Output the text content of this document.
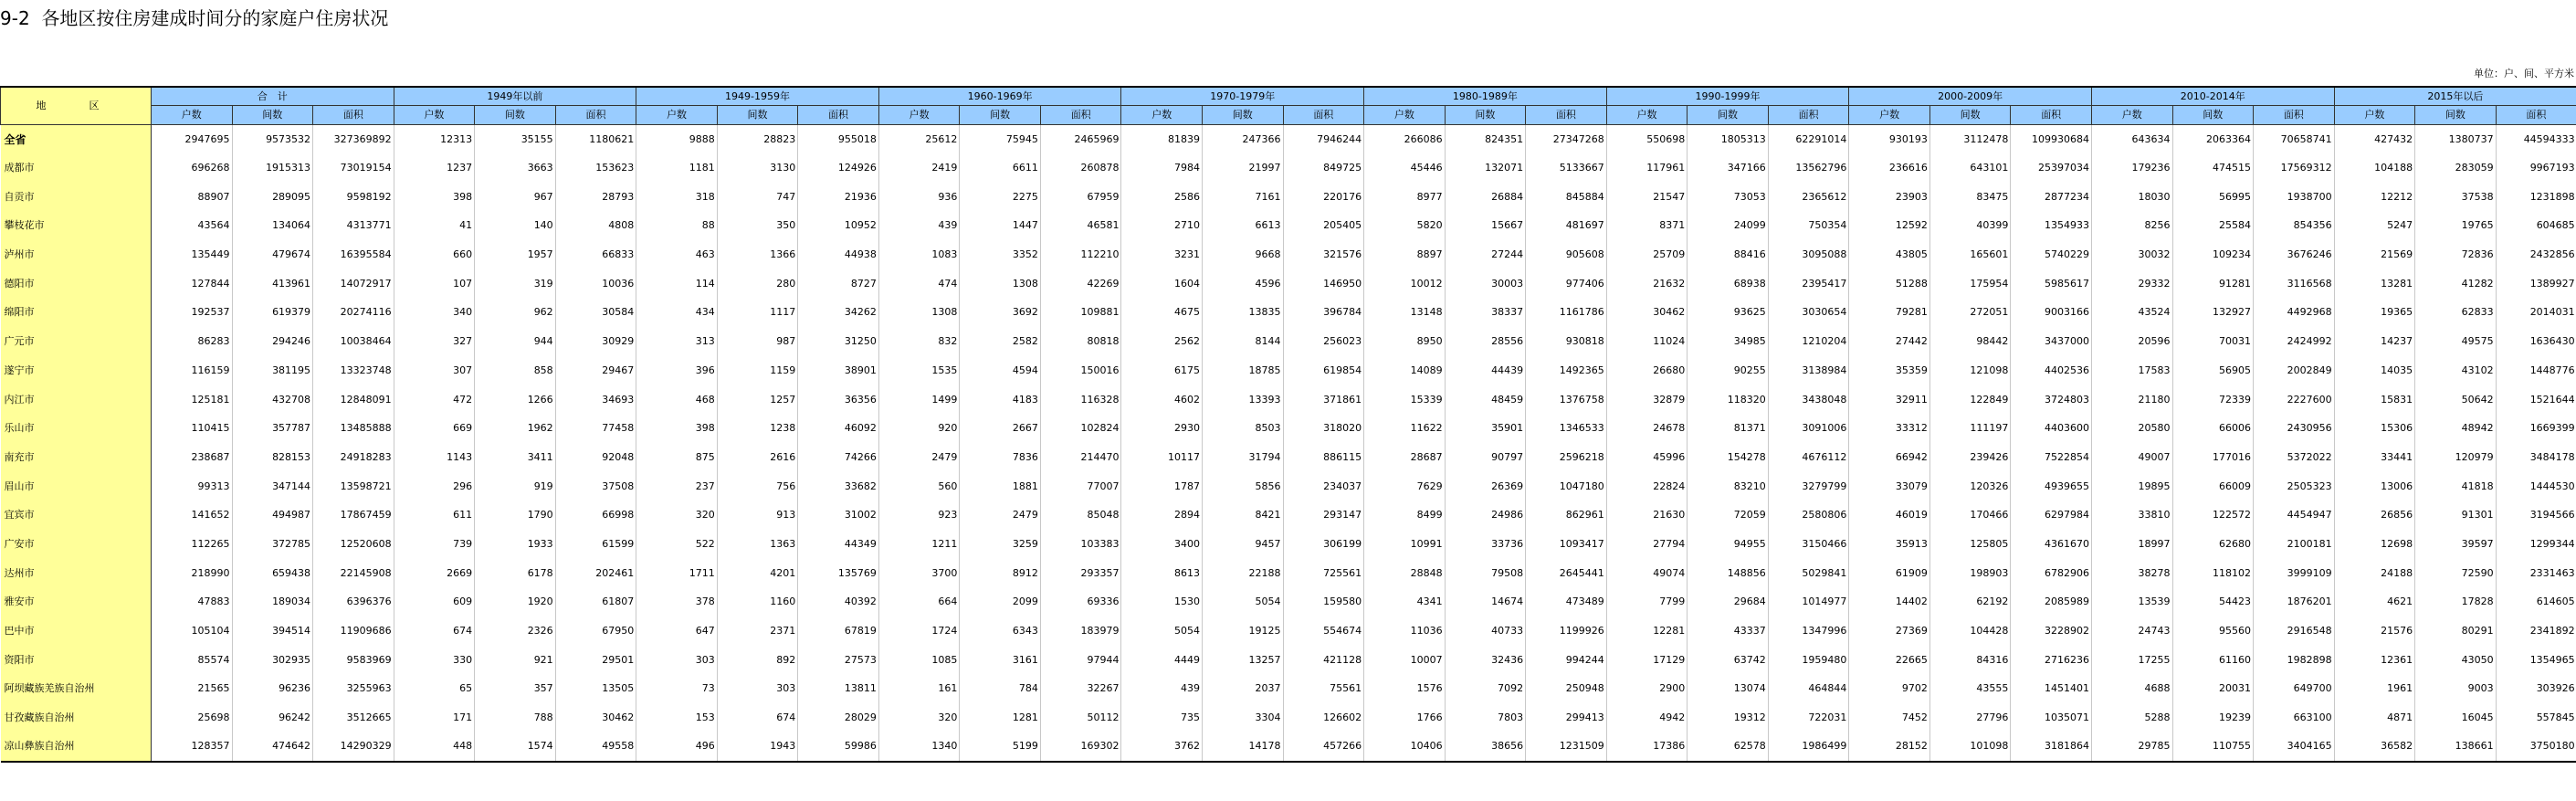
9-2  各地区按住房建成时间分的家庭户住房状况
单位：户、间、平方米
地　区	合　计			1949年以前			1949-1959年			1960-1969年			1970-1979年			1980-1989年			1990-1999年			2000-2009年			2010-2014年			2015年以后		
	户数	间数	面积	户数	间数	面积	户数	间数	面积	户数	间数	面积	户数	间数	面积	户数	间数	面积	户数	间数	面积	户数	间数	面积	户数	间数	面积	户数	间数	面积
全省	2947695	9573532	327369892	12313	35155	1180621	9888	28823	955018	25612	75945	2465969	81839	247366	7946244	266086	824351	27347268	550698	1805313	62291014	930193	3112478	109930684	643634	2063364	70658741	427432	1380737	44594333
成都市	696268	1915313	73019154	1237	3663	153623	1181	3130	124926	2419	6611	260878	7984	21997	849725	45446	132071	5133667	117961	347166	13562796	236616	643101	25397034	179236	474515	17569312	104188	283059	9967193
自贡市	88907	289095	9598192	398	967	28793	318	747	21936	936	2275	67959	2586	7161	220176	8977	26884	845884	21547	73053	2365612	23903	83475	2877234	18030	56995	1938700	12212	37538	1231898
攀枝花市	43564	134064	4313771	41	140	4808	88	350	10952	439	1447	46581	2710	6613	205405	5820	15667	481697	8371	24099	750354	12592	40399	1354933	8256	25584	854356	5247	19765	604685
泸州市	135449	479674	16395584	660	1957	66833	463	1366	44938	1083	3352	112210	3231	9668	321576	8897	27244	905608	25709	88416	3095088	43805	165601	5740229	30032	109234	3676246	21569	72836	2432856
德阳市	127844	413961	14072917	107	319	10036	114	280	8727	474	1308	42269	1604	4596	146950	10012	30003	977406	21632	68938	2395417	51288	175954	5985617	29332	91281	3116568	13281	41282	1389927
绵阳市	192537	619379	20274116	340	962	30584	434	1117	34262	1308	3692	109881	4675	13835	396784	13148	38337	1161786	30462	93625	3030654	79281	272051	9003166	43524	132927	4492968	19365	62833	2014031
广元市	86283	294246	10038464	327	944	30929	313	987	31250	832	2582	80818	2562	8144	256023	8950	28556	930818	11024	34985	1210204	27442	98442	3437000	20596	70031	2424992	14237	49575	1636430
遂宁市	116159	381195	13323748	307	858	29467	396	1159	38901	1535	4594	150016	6175	18785	619854	14089	44439	1492365	26680	90255	3138984	35359	121098	4402536	17583	56905	2002849	14035	43102	1448776
内江市	125181	432708	12848091	472	1266	34693	468	1257	36356	1499	4183	116328	4602	13393	371861	15339	48459	1376758	32879	118320	3438048	32911	122849	3724803	21180	72339	2227600	15831	50642	1521644
乐山市	110415	357787	13485888	669	1962	77458	398	1238	46092	920	2667	102824	2930	8503	318020	11622	35901	1346533	24678	81371	3091006	33312	111197	4403600	20580	66006	2430956	15306	48942	1669399
南充市	238687	828153	24918283	1143	3411	92048	875	2616	74266	2479	7836	214470	10117	31794	886115	28687	90797	2596218	45996	154278	4676112	66942	239426	7522854	49007	177016	5372022	33441	120979	3484178
眉山市	99313	347144	13598721	296	919	37508	237	756	33682	560	1881	77007	1787	5856	234037	7629	26369	1047180	22824	83210	3279799	33079	120326	4939655	19895	66009	2505323	13006	41818	1444530
宜宾市	141652	494987	17867459	611	1790	66998	320	913	31002	923	2479	85048	2894	8421	293147	8499	24986	862961	21630	72059	2580806	46019	170466	6297984	33810	122572	4454947	26856	91301	3194566
广安市	112265	372785	12520608	739	1933	61599	522	1363	44349	1211	3259	103383	3400	9457	306199	10991	33736	1093417	27794	94955	3150466	35913	125805	4361670	18997	62680	2100181	12698	39597	1299344
达州市	218990	659438	22145908	2669	6178	202461	1711	4201	135769	3700	8912	293357	8613	22188	725561	28848	79508	2645441	49074	148856	5029841	61909	198903	6782906	38278	118102	3999109	24188	72590	2331463
雅安市	47883	189034	6396376	609	1920	61807	378	1160	40392	664	2099	69336	1530	5054	159580	4341	14674	473489	7799	29684	1014977	14402	62192	2085989	13539	54423	1876201	4621	17828	614605
巴中市	105104	394514	11909686	674	2326	67950	647	2371	67819	1724	6343	183979	5054	19125	554674	11036	40733	1199926	12281	43337	1347996	27369	104428	3228902	24743	95560	2916548	21576	80291	2341892
资阳市	85574	302935	9583969	330	921	29501	303	892	27573	1085	3161	97944	4449	13257	421128	10007	32436	994244	17129	63742	1959480	22665	84316	2716236	17255	61160	1982898	12361	43050	1354965
阿坝藏族羌族自治州	21565	96236	3255963	65	357	13505	73	303	13811	161	784	32267	439	2037	75561	1576	7092	250948	2900	13074	464844	9702	43555	1451401	4688	20031	649700	1961	9003	303926
甘孜藏族自治州	25698	96242	3512665	171	788	30462	153	674	28029	320	1281	50112	735	3304	126602	1766	7803	299413	4942	19312	722031	7452	27796	1035071	5288	19239	663100	4871	16045	557845
凉山彝族自治州	128357	474642	14290329	448	1574	49558	496	1943	59986	1340	5199	169302	3762	14178	457266	10406	38656	1231509	17386	62578	1986499	28152	101098	3181864	29785	110755	3404165	36582	138661	3750180
